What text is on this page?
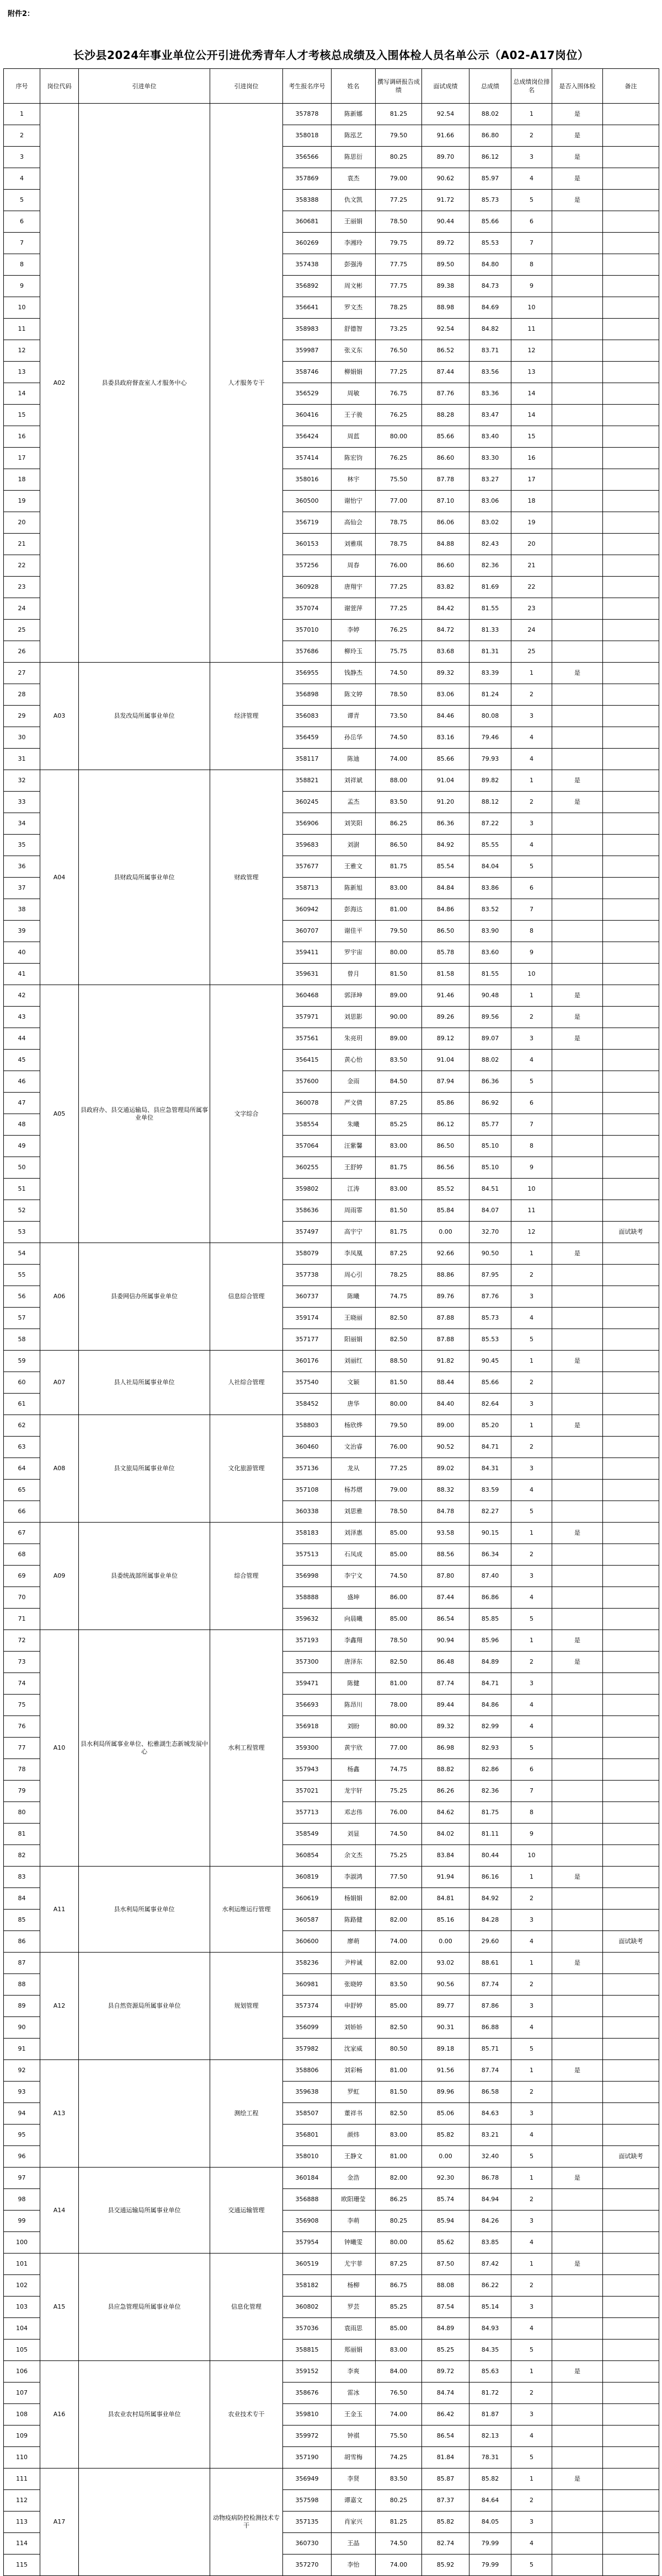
附件2：
长沙县2024年事业单位公开引进优秀青年人才考核总成绩及入围体检人员名单公示（A02-A17岗位）
序号	岗位代码	引进单位	引进岗位	考生报名序号	姓名	撰写调研报告成绩	面试成绩	总成绩	总成绩岗位排名	是否入围体检	备注
1	A02	县委县政府督查室人才服务中心	人才服务专干	357878	陈新娜	81.25	92.54	88.02	1	是	
2				358018	陈泓艺	79.50	91.66	86.80	2	是	
3				356566	陈思衍	80.25	89.70	86.12	3	是	
4				357869	袁杰	79.00	90.62	85.97	4	是	
5				358388	仇文凯	77.25	91.72	85.73	5	是	
6				360681	王丽娟	78.50	90.44	85.66	6		
7				360269	李湘玲	79.75	89.72	85.53	7		
8				357438	彭强涛	77.75	89.50	84.80	8		
9				356892	周文彬	77.75	89.38	84.73	9		
10				356641	罗文杰	78.25	88.98	84.69	10		
11				358983	舒德智	73.25	92.54	84.82	11		
12				359987	张义东	76.50	86.52	83.71	12		
13				358746	柳娟娟	77.25	87.44	83.56	13		
14				356529	周敏	76.75	87.76	83.36	14		
15				360416	王子骏	76.25	88.28	83.47	14		
16				356424	周蓝	80.00	85.66	83.40	15		
17				357414	陈宏钧	76.25	86.60	83.30	16		
18				358016	林宇	75.50	87.78	83.27	17		
19				360500	谢怡宁	77.00	87.10	83.06	18		
20				356719	高仙会	78.75	86.06	83.02	19		
21				360153	刘雅琪	78.75	84.88	82.43	20		
22				357256	周春	76.00	86.60	82.36	21		
23				360928	唐翔宇	77.25	83.82	81.69	22		
24				357074	谢萱萍	77.25	84.42	81.55	23		
25				357010	李婷	76.25	84.72	81.33	24		
26				357686	柳玲玉	75.75	83.68	81.31	25		
27	A03	县发改局所属事业单位	经济管理	356955	钱静杰	74.50	89.32	83.39	1	是	
28				356898	陈文婷	78.50	83.06	81.24	2		
29				356083	谭青	73.50	84.46	80.08	3		
30				356459	孙岳华	74.50	83.16	79.46	4		
31				358117	陈迪	74.00	85.66	79.93	4		
32	A04	县财政局所属事业单位	财政管理	358821	刘祥斌	88.00	91.04	89.82	1	是	
33				360245	孟杰	83.50	91.20	88.12	2	是	
34				356906	刘笑阳	86.25	86.36	87.22	3		
35				359683	刘澍	86.50	84.92	85.55	4		
36				357677	王雅文	81.75	85.54	84.04	5		
37				358713	陈新旭	83.00	84.84	83.86	6		
38				360942	彭海达	81.00	84.86	83.52	7		
39				360707	谢佳平	79.50	86.50	83.90	8		
40				359411	罗宇宙	80.00	85.78	83.60	9		
41				359631	曾月	81.50	81.58	81.55	10		
42	A05	县政府办、县交通运输局、县应急管理局所属事业单位	文字综合	360468	郭泽坤	89.00	91.46	90.48	1	是	
43				357971	刘思影	90.00	89.26	89.56	2	是	
44				357561	朱亮玥	89.00	89.12	89.07	3	是	
45				356415	黄心怡	83.50	91.04	88.02	4		
46				357600	金雨	84.50	87.94	86.36	5		
47				360078	严文倩	87.25	85.86	86.92	6		
48				358554	朱曦	85.25	86.12	85.77	7		
49				357064	汪紫馨	83.00	86.50	85.10	8		
50				360255	王舒婷	81.75	86.56	85.10	9		
51				359802	江涛	83.00	85.52	84.51	10		
52				358636	周雨霏	81.50	85.84	84.07	11		
53				357497	高宇宁	81.75	0.00	32.70	12		面试缺考
54	A06	县委网信办所属事业单位	信息综合管理	358079	李凤凰	87.25	92.66	90.50	1	是	
55				357738	周心引	78.25	88.86	87.95	2		
56				360737	陈曦	74.75	89.76	87.76	3		
57				359174	王晓丽	82.50	87.88	85.73	4		
58				357177	阳丽娟	82.50	87.88	85.53	5		
59	A07	县人社局所属事业单位	人社综合管理	360176	刘丽红	88.50	91.82	90.45	1	是	
60				357540	文颖	81.50	88.44	85.66	2		
61				358452	唐华	80.00	84.40	82.64	3		
62	A08	县文旅局所属事业单位	文化旅游管理	358803	杨欣烨	79.50	89.00	85.20	1	是	
63				360460	文治睿	76.00	90.52	84.71	2		
64				357136	龙从	77.25	89.02	84.31	3		
65				357108	杨苏熠	79.00	88.32	83.59	4		
66				360338	刘思雅	78.50	84.78	82.27	5		
67	A09	县委统战部所属事业单位	综合管理	358183	刘泽惠	85.00	93.58	90.15	1	是	
68				357513	石凤成	85.00	88.56	86.34	2		
69				356998	李宁文	74.50	87.80	87.40	3		
70				358888	盛坤	86.00	87.44	86.86	4		
71				359632	向晨曦	85.00	86.54	85.85	5		
72	A10	县水利局所属事业单位、松雅湖生态新城发展中心	水利工程管理	357193	李鑫翔	78.50	90.94	85.96	1	是	
73				357300	唐泽东	82.50	86.48	84.89	2	是	
74				359471	陈健	81.00	87.74	84.71	3		
75				356693	陈昂川	78.00	89.44	84.86	4		
76				356918	刘盼	80.00	89.32	82.99	4		
77				359300	黄宇欣	77.00	86.98	82.93	5		
78				357943	杨鑫	74.75	88.82	82.86	6		
79				357021	龙宇轩	75.25	86.26	82.36	7		
80				357713	邓志伟	76.00	84.62	81.75	8		
81				358549	刘显	74.50	84.02	81.11	9		
82				360854	余文杰	75.25	83.84	80.44	10		
83	A11	县水利局所属事业单位	水利运维运行管理	360819	李淑鸿	77.50	91.94	86.16	1	是	
84				360619	杨娟娟	82.00	84.81	84.92	2		
85				360587	陈路健	82.00	85.16	84.28	3		
86				360600	廖萌	74.00	0.00	29.60	4		面试缺考
87	A12	县自然资源局所属事业单位	规划管理	358236	尹梓诚	82.00	93.02	88.61	1	是	
88				360981	张晓婷	83.50	90.56	87.74	2		
89				357374	申舒婷	85.00	89.77	87.86	3		
90				356099	刘娇娇	82.50	90.31	86.88	4		
91				357982	沈家威	80.50	89.18	85.71	5		
92	A13		测绘工程	358806	刘彩畅	81.00	91.56	87.74	1	是	
93				359638	罗虹	81.50	89.96	86.58	2		
94				358507	董祥书	82.50	85.06	84.63	3		
95				356801	颜炜	83.00	85.82	83.21	4		
96				358010	王静文	81.00	0.00	32.40	5		面试缺考
97	A14	县交通运输局所属事业单位	交通运输管理	360184	金浩	82.00	92.30	86.78	1	是	
98				356888	欧阳珊莹	86.25	85.74	84.94	2		
99				356908	李萌	80.25	85.94	84.26	3		
100				357954	钟曦雯	80.00	85.62	83.85	4		
101	A15	县应急管理局所属事业单位	信息化管理	360519	尤宇菲	87.25	87.50	87.42	1	是	
102				358182	杨柳	86.75	88.08	86.22	2		
103				360802	罗芸	85.25	87.54	85.14	3		
104				357036	袁雨思	85.00	84.89	84.93	4		
105				358815	郑丽娟	83.00	85.25	84.35	5		
106	A16	县农业农村局所属事业单位	农业技术专干	359152	李爽	84.00	89.72	85.63	1	是	
107				358676	雷冰	76.50	84.74	81.72	2		
108				359810	王金玉	74.00	86.42	81.87	3		
109				359972	钟祺	75.50	86.54	82.13	4		
110				357190	胡雪梅	74.25	81.84	78.31	5		
111	A17		动物疫病防控检测技术专干	356949	李贤	83.50	85.87	85.82	1	是	
112				357598	谭嘉文	80.25	87.37	84.64	2		
113				357135	肖家兴	81.25	85.82	84.05	3		
114				360730	王晶	74.50	82.74	79.99	4		
115				357270	李怡	74.00	85.92	79.99	5		
